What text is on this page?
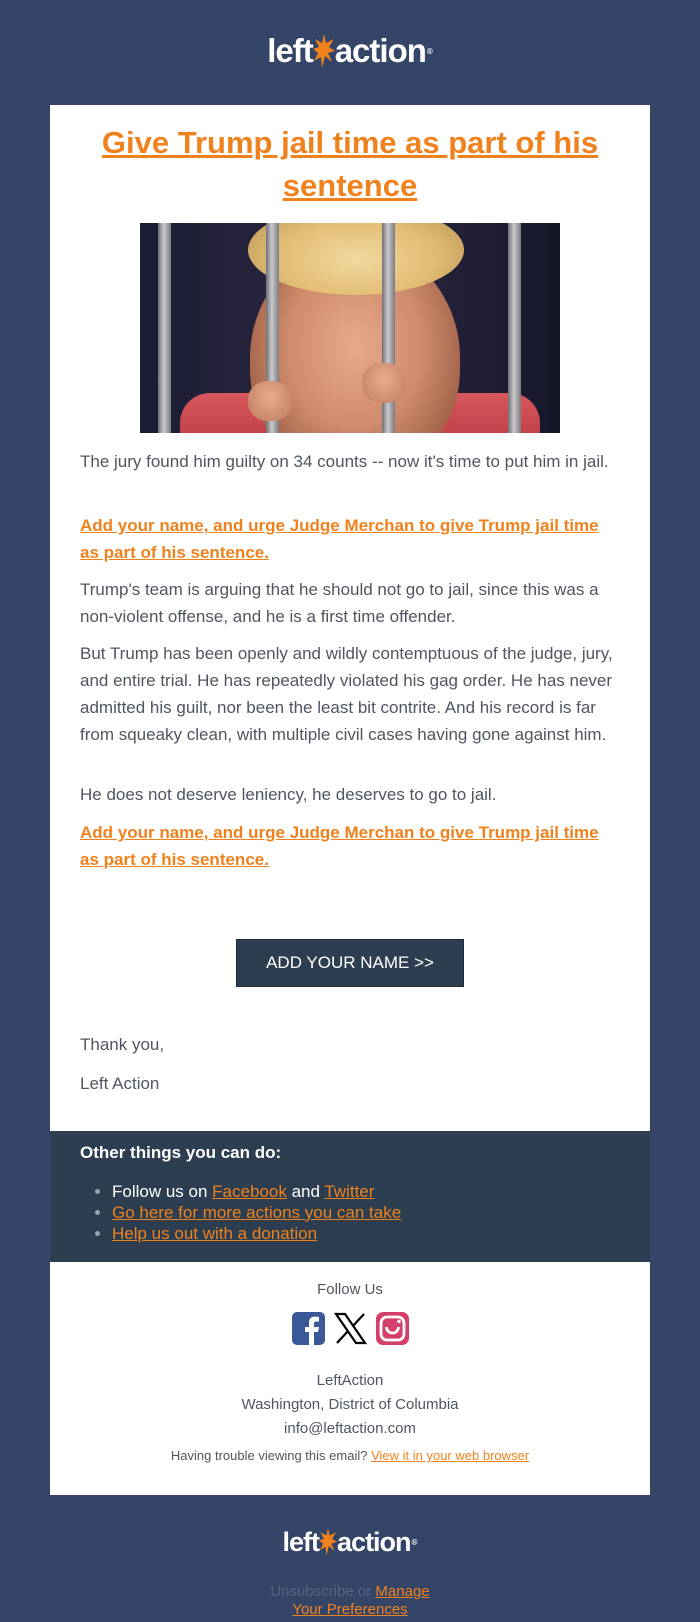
left action ®
Give Trump jail time as part of his sentence

The jury found him guilty on 34 counts -- now it's time to put him in jail.

Add your name, and urge Judge Merchan to give Trump jail time as part of his sentence.

Trump's team is arguing that he should not go to jail, since this was a non-violent offense, and he is a first time offender.

But Trump has been openly and wildly contemptuous of the judge, jury, and entire trial. He has repeatedly violated his gag order. He has never admitted his guilt, nor been the least bit contrite. And his record is far from squeaky clean, with multiple civil cases having gone against him.

He does not deserve leniency, he deserves to go to jail.

Add your name, and urge Judge Merchan to give Trump jail time as part of his sentence.

ADD YOUR NAME >>

Thank you,

Left Action

Other things you can do:
• Follow us on Facebook and Twitter
• Go here for more actions you can take
• Help us out with a donation
Follow Us
LeftAction
Washington, District of Columbia
info@leftaction.com
Having trouble viewing this email? View it in your web browser
left action ®
Unsubscribe or Manage
Your Preferences
